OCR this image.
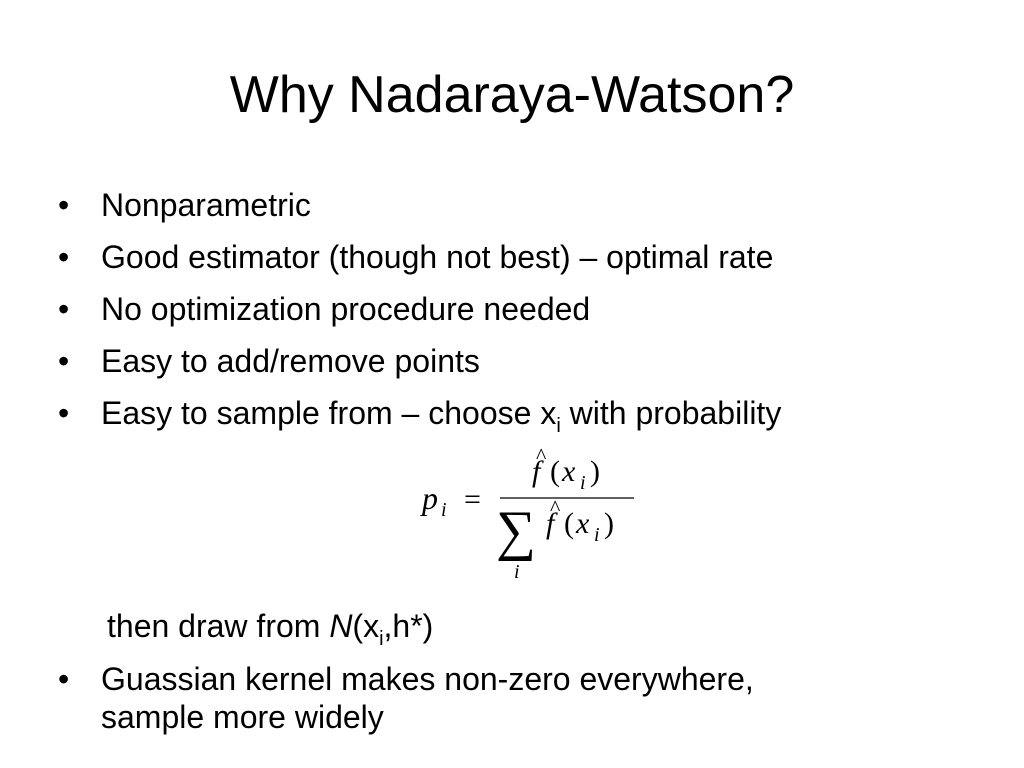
Why Nadaraya-Watson?
• Nonparametric
• Good estimator (though not best) – optimal rate
• No optimization procedure needed
• Easy to add/remove points
• Easy to sample from – choose $x_i$ with probability
p i =
^
f ( x i )
∑
i
^
f ( x i )
then draw from $N(x_i,h*)$
• Guassian kernel makes non-zero everywhere,
sample more widely
